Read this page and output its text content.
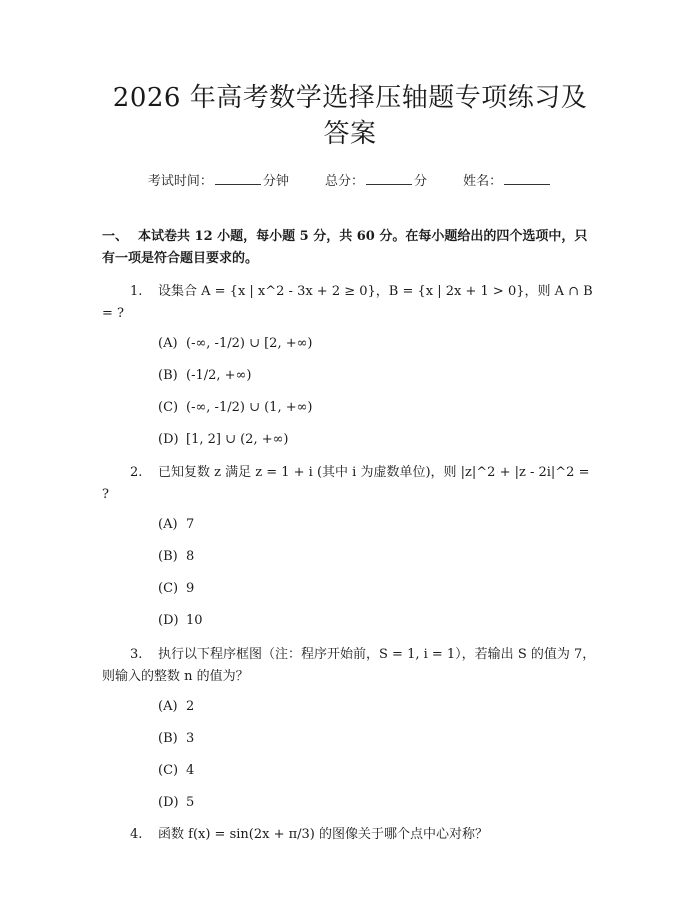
2026 年高考数学选择压轴题专项练习及答案
考试时间：	分钟	总分：	分	姓名：
一、 本试卷共 12 小题，每小题 5 分，共 60 分。在每小题给出的四个选项中，只有一项是符合题目要求的。
1. 设集合 A = {x | x^2 - 3x + 2 ≥ 0}，B = {x | 2x + 1 > 0}，则 A ∩ B = ?
(A) (-∞, -1/2) ∪ [2, +∞)
(B) (-1/2, +∞)
(C) (-∞, -1/2) ∪ (1, +∞)
(D) [1, 2] ∪ (2, +∞)
2. 已知复数 z 满足 z = 1 + i (其中 i 为虚数单位)，则 |z|^2 + |z - 2i|^2 = ?
(A) 7
(B) 8
(C) 9
(D) 10
3. 执行以下程序框图（注：程序开始前，S = 1, i = 1），若输出 S 的值为 7，则输入的整数 n 的值为？
(A) 2
(B) 3
(C) 4
(D) 5
4. 函数 f(x) = sin(2x + π/3) 的图像关于哪个点中心对称？
